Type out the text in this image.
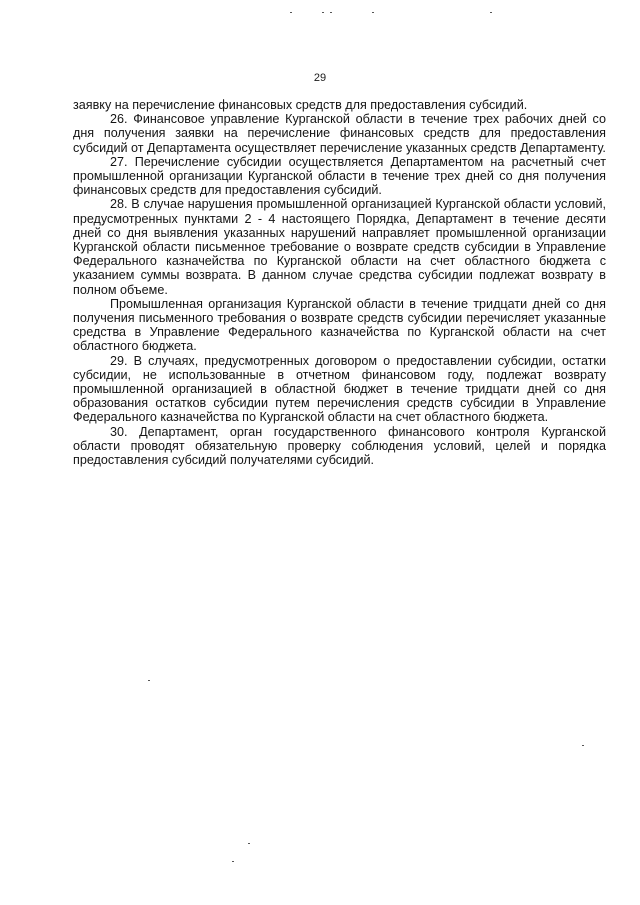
29

заявку на перечисление финансовых средств для предоставления субсидий.

26. Финансовое управление Курганской области в течение трех рабочих дней со дня получения заявки на перечисление финансовых средств для предоставления субсидий от Департамента осуществляет перечисление указанных средств Департаменту.

27. Перечисление субсидии осуществляется Департаментом на расчетный счет промышленной организации Курганской области в течение трех дней со дня получения финансовых средств для предоставления субсидий.

28. В случае нарушения промышленной организацией Курганской области условий, предусмотренных пунктами 2 - 4 настоящего Порядка, Департамент в течение десяти дней со дня выявления указанных нарушений направляет промышленной организации Курганской области письменное требование о возврате средств субсидии в Управление Федерального казначейства по Курганской области на счет областного бюджета с указанием суммы возврата. В данном случае средства субсидии подлежат возврату в полном объеме.

Промышленная организация Курганской области в течение тридцати дней со дня получения письменного требования о возврате средств субсидии перечисляет указанные средства в Управление Федерального казначейства по Курганской области на счет областного бюджета.

29. В случаях, предусмотренных договором о предоставлении субсидии, остатки субсидии, не использованные в отчетном финансовом году, подлежат возврату промышленной организацией в областной бюджет в течение тридцати дней со дня образования остатков субсидии путем перечисления средств субсидии в Управление Федерального казначейства по Курганской области на счет областного бюджета.

30. Департамент, орган государственного финансового контроля Курганской области проводят обязательную проверку соблюдения условий, целей и порядка предоставления субсидий получателями субсидий.
